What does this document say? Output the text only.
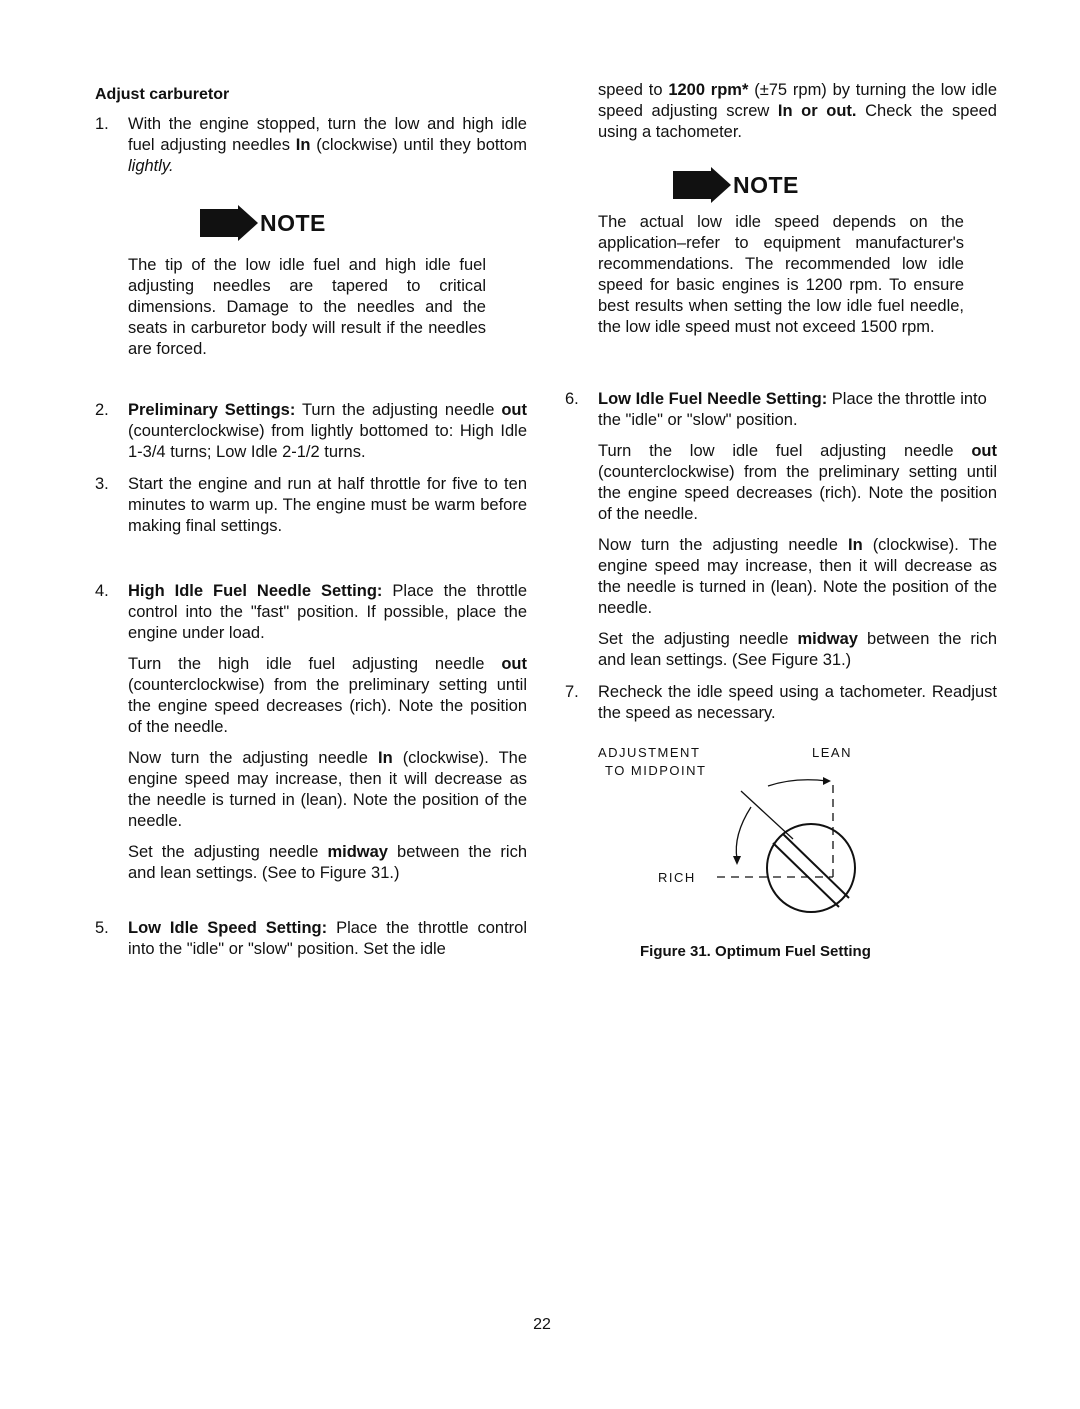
Adjust carburetor
1.	With the engine stopped, turn the low and high idle fuel adjusting needles In (clockwise) until they bottom lightly.

NOTE

The tip of the low idle fuel and high idle fuel adjusting needles are tapered to critical dimensions. Damage to the needles and the seats in carburetor body will result if the needles are forced.

2.	Preliminary Settings: Turn the adjusting needle out (counterclockwise) from lightly bottomed to: High Idle 1-3/4 turns; Low Idle 2-1/2 turns.

3.	Start the engine and run at half throttle for five to ten minutes to warm up. The engine must be warm before making final settings.

4.	High Idle Fuel Needle Setting: Place the throttle control into the "fast" position. If possible, place the engine under load.

Turn the high idle fuel adjusting needle out (counterclockwise) from the preliminary setting until the engine speed decreases (rich). Note the position of the needle.

Now turn the adjusting needle In (clockwise). The engine speed may increase, then it will decrease as the needle is turned in (lean). Note the position of the needle.

Set the adjusting needle midway between the rich and lean settings. (See to Figure 31.)

5.	Low Idle Speed Setting: Place the throttle control into the "idle" or "slow" position. Set the idle

speed to 1200 rpm* (±75 rpm) by turning the low idle speed adjusting screw In or out. Check the speed using a tachometer.

NOTE

The actual low idle speed depends on the application–refer to equipment manufacturer's recommendations. The recommended low idle speed for basic engines is 1200 rpm. To ensure best results when setting the low idle fuel needle, the low idle speed must not exceed 1500 rpm.

6.	Low Idle Fuel Needle Setting: Place the throttle into the "idle" or "slow" position.

Turn the low idle fuel adjusting needle out (counterclockwise) from the preliminary setting until the engine speed decreases (rich). Note the position of the needle.

Now turn the adjusting needle In (clockwise). The engine speed may increase, then it will decrease as the needle is turned in (lean). Note the position of the needle.

Set the adjusting needle midway between the rich and lean settings. (See Figure 31.)

7.	Recheck the idle speed using a tachometer. Readjust the speed as necessary.

ADJUSTMENT
TO MIDPOINT
LEAN
RICH
Figure 31. Optimum Fuel Setting
22
